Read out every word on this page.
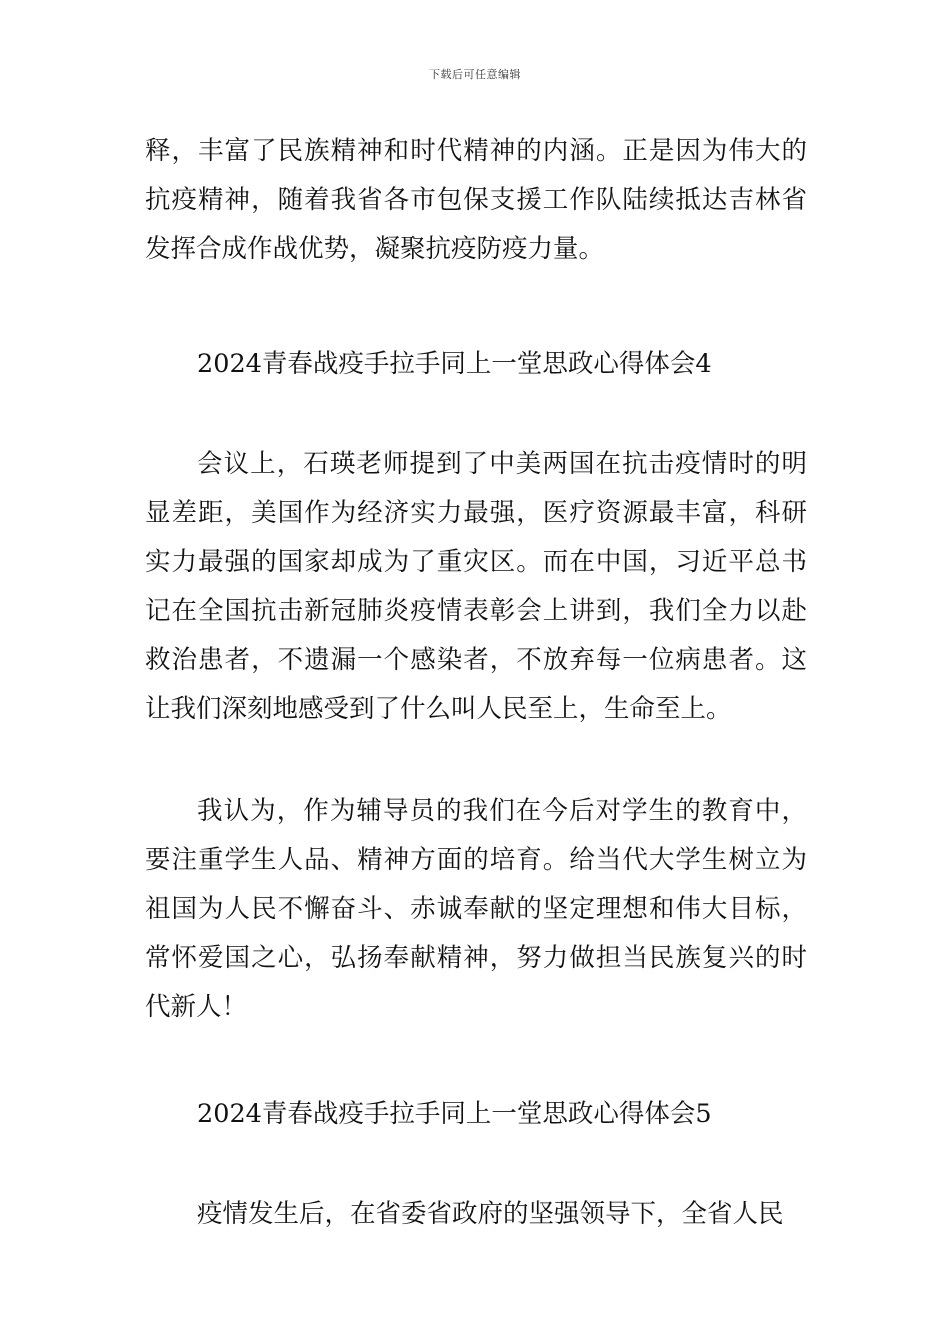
下载后可任意编辑

释，丰富了民族精神和时代精神的内涵。正是因为伟大的抗疫精神，随着我省各市包保支援工作队陆续抵达吉林省发挥合成作战优势，凝聚抗疫防疫力量。

2024青春战疫手拉手同上一堂思政心得体会4

会议上，石瑛老师提到了中美两国在抗击疫情时的明显差距，美国作为经济实力最强，医疗资源最丰富，科研实力最强的国家却成为了重灾区。而在中国，习近平总书记在全国抗击新冠肺炎疫情表彰会上讲到，我们全力以赴救治患者，不遗漏一个感染者，不放弃每一位病患者。这让我们深刻地感受到了什么叫人民至上，生命至上。

我认为，作为辅导员的我们在今后对学生的教育中，要注重学生人品、精神方面的培育。给当代大学生树立为祖国为人民不懈奋斗、赤诚奉献的坚定理想和伟大目标，常怀爱国之心，弘扬奉献精神，努力做担当民族复兴的时代新人！

2024青春战疫手拉手同上一堂思政心得体会5

疫情发生后，在省委省政府的坚强领导下，全省人民
